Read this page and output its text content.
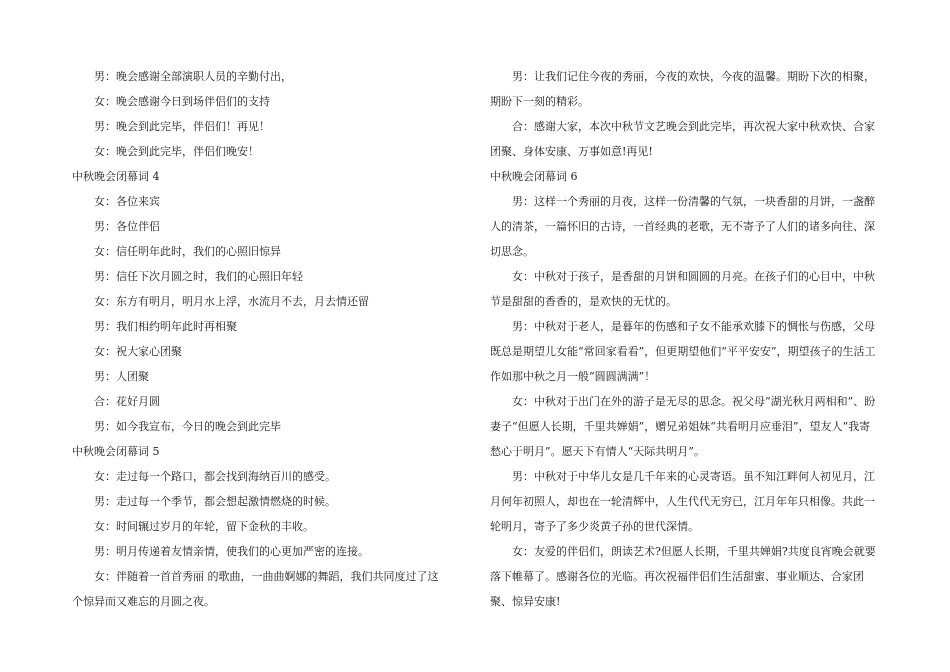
男：晚会感谢全部演职人员的辛勤付出，

女：晚会感谢今日到场伴侣们的支持

男：晚会到此完毕，伴侣们！再见！

女：晚会到此完毕，伴侣们晚安！

中秋晚会闭幕词 4

女：各位来宾

男：各位伴侣

女：信任明年此时，我们的心照旧惊异

男：信任下次月圆之时，我们的心照旧年轻

女：东方有明月，明月水上浮，水流月不去，月去情还留

男：我们相约明年此时再相聚

女：祝大家心团聚

男：人团聚

合：花好月圆

男：如今我宣布，今日的晚会到此完毕

中秋晚会闭幕词 5

女：走过每一个路口，都会找到海纳百川的感受。

男：走过每一个季节，都会想起激情燃烧的时候。

女：时间辗过岁月的年轮，留下金秋的丰收。

男：明月传递着友情亲情，使我们的心更加严密的连接。

女：伴随着一首首秀丽 的歌曲，一曲曲婀娜的舞蹈，我们共同度过了这个惊异而又难忘的月圆之夜。

男：让我们记住今夜的秀丽，今夜的欢快，今夜的温馨。期盼下次的相聚，期盼下一刻的精彩。

合：感谢大家，本次中秋节文艺晚会到此完毕，再次祝大家中秋欢快、合家团聚、身体安康、万事如意!再见!

中秋晚会闭幕词 6

男：这样一个秀丽的月夜，这样一份清馨的气氛，一块香甜的月饼，一盏醉人的清茶，一篇怀旧的古诗，一首经典的老歌，无不寄予了人们的诸多向往、深切思念。

女：中秋对于孩子，是香甜的月饼和圆圆的月亮。在孩子们的心目中，中秋节是甜甜的香香的，是欢快的无忧的。

男：中秋对于老人，是暮年的伤感和子女不能承欢膝下的惆怅与伤感，父母既总是期望儿女能“常回家看看”，但更期望他们“平平安安”，期望孩子的生活工作如那中秋之月一般“圆圆满满”！

女：中秋对于出门在外的游子是无尽的思念。祝父母“湖光秋月两相和”、盼妻子“但愿人长期，千里共婵娟”，赠兄弟姐妹“共看明月应垂泪”，望友人“我寄愁心于明月”。愿天下有情人“天际共明月”。

男：中秋对于中华儿女是几千年来的心灵寄语。虽不知江畔何人初见月，江月何年初照人，却也在一轮清辉中，人生代代无穷已，江月年年只相像。共此一轮明月，寄予了多少炎黄子孙的世代深情。

女：友爱的伴侣们，朗读艺术?但愿人长期，千里共婵娟?共度良宵晚会就要落下帷幕了。感谢各位的光临。再次祝福伴侣们生活甜蜜、事业顺达、合家团聚、惊异安康!
